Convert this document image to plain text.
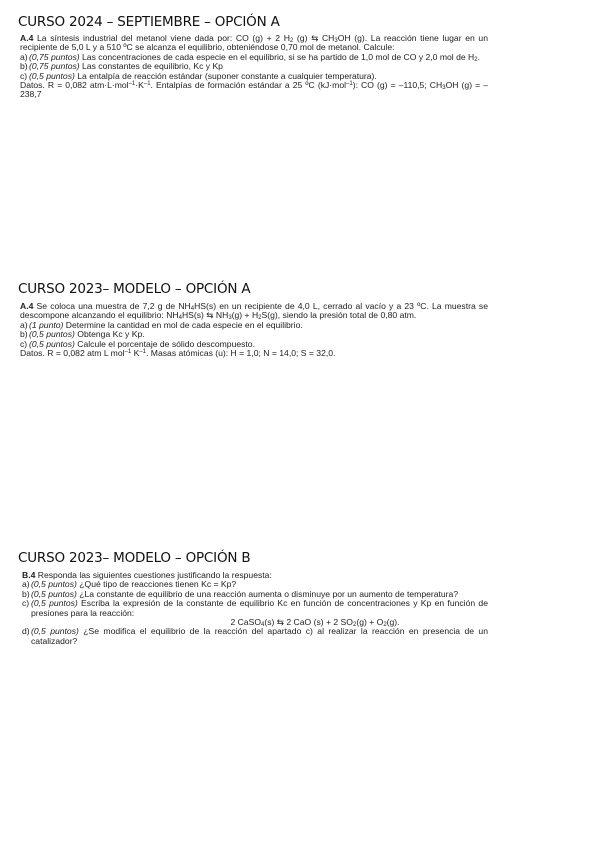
CURSO 2024 – SEPTIEMBRE – OPCIÓN A

A.4 La síntesis industrial del metanol viene dada por: CO (g) + 2 $H_2$ (g) ⇆ $CH_3OH$ (g). La reacción tiene lugar en un recipiente de 5,0 L y a 510 ºC se alcanza el equilibrio, obteniéndose 0,70 mol de metanol. Calcule:

a) (0,75 puntos) Las concentraciones de cada especie en el equilibrio, si se ha partido de 1,0 mol de CO y 2,0 mol de $H_2$.

b) (0,75 puntos) Las constantes de equilibrio, Kc y Kp

c) (0,5 puntos) La entalpía de reacción estándar (suponer constante a cualquier temperatura).

Datos. R = 0,082 $atm\cdot L\cdot mol^{-1}\cdot K^{-1}$. Entalpías de formación estándar a 25 ºC (kJ·mol$^{-1}$): CO (g) = –110,5; $CH_3OH$ (g) = –238,7

CURSO 2023– MODELO – OPCIÓN A

A.4 Se coloca una muestra de 7,2 g de $NH_4HS(s)$ en un recipiente de 4,0 L, cerrado al vacío y a 23 ºC. La muestra se descompone alcanzando el equilibrio: $NH_4HS(s)$ ⇆ $NH_3(g) + H_2S(g)$, siendo la presión total de 0,80 atm.

a) (1 punto) Determine la cantidad en mol de cada especie en el equilibrio.

b) (0,5 puntos) Obtenga Kc y Kp.

c) (0,5 puntos) Calcule el porcentaje de sólido descompuesto.

Datos. R = 0,082 atm L mol$^{-1}$ $K^{-1}$. Masas atómicas (u): H = 1,0; N = 14,0; S = 32,0.

CURSO 2023– MODELO – OPCIÓN B

B.4 Responda las siguientes cuestiones justificando la respuesta:

a) (0,5 puntos) ¿Qué tipo de reacciones tienen Kc = Kp?

b) (0,5 puntos) ¿La constante de equilibrio de una reacción aumenta o disminuye por un aumento de temperatura?

c) (0,5 puntos) Escriba la expresión de la constante de equilibrio Kc en función de concentraciones y Kp en función de presiones para la reacción:

2 CaSO$_4$(s) ⇆ 2 CaO (s) + 2 $SO_2(g) + O_2(g)$.

d) (0,5 puntos) ¿Se modifica el equilibrio de la reacción del apartado c) al realizar la reacción en presencia de un catalizador?
